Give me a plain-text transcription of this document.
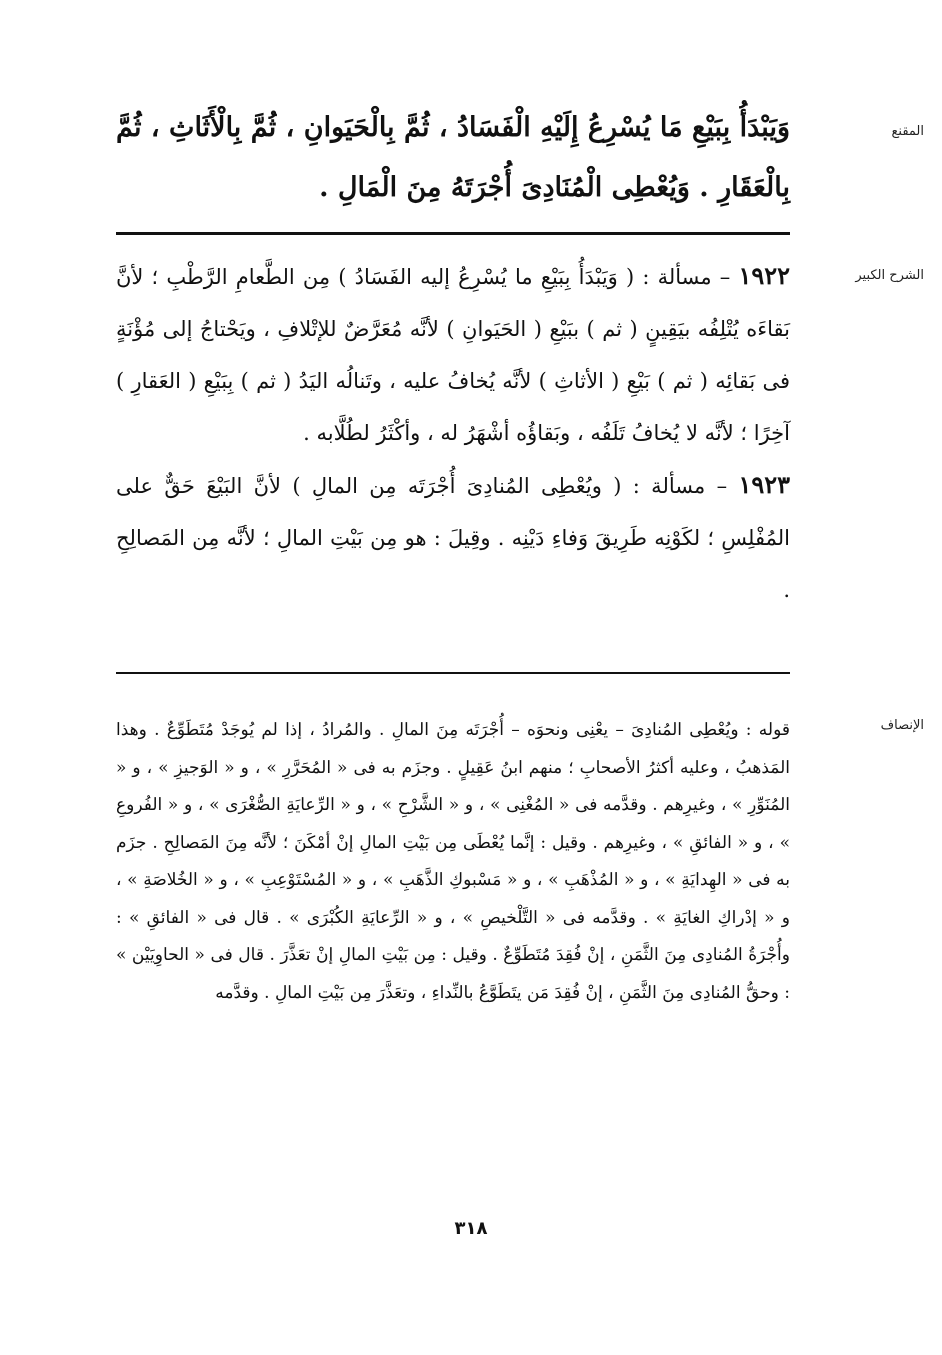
المقنع

وَيَبْدَأُ بِبَيْعِ مَا يُسْرِعُ إِلَيْهِ الْفَسَادُ ، ثُمَّ بِالْحَيَوانِ ، ثُمَّ بِالْأَثَاثِ ، ثُمَّ بِالْعَقَارِ . وَيُعْطِى الْمُنَادِىَ أُجْرَتَهُ مِنَ الْمَالِ .

الشرح الكبير

١٩٢٢ – مسألة : ( وَيَبْدَأُ بِبَيْعِ ما يُسْرِعُ إليه الفَسَادُ ) مِن الطَّعامِ الرَّطْبِ ؛ لأنَّ بَقاءَه يُتْلِفُه بيَقِينٍ ( ثم ) ببَيْعِ ( الحَيَوانِ ) لأنَّه مُعَرَّضٌ للإتْلافِ ، ويَحْتاجُ إلى مُؤْنَةٍ فى بَقائِه ( ثم ) بَيْعِ ( الأثاثِ ) لأنَّه يُخافُ عليه ، وتَنالُه اليَدُ ( ثم ) بِبَيْعِ ( العَقارِ ) آخِرًا ؛ لأنَّه لا يُخافُ تَلَفُه ، وبَقاؤُه أشْهَرُ له ، وأكْثَرُ لطُلَّابه .

١٩٢٣ – مسألة : ( ويُعْطِى المُنادِىَ أُجْرَتَه مِن المالِ ) لأنَّ البَيْعَ حَقٌّ على المُفْلِسِ ؛ لكَوْنِه طَرِيقَ وَفاءِ دَيْنِه . وقِيلَ : هو مِن بَيْتِ المالِ ؛ لأنَّه مِن المَصالِحِ .

الإنصاف

قوله : ويُعْطِى المُنادِىَ – يعْنِى ونحوَه – أُجْرَتَه مِنَ المالِ . والمُرادُ ، إذا لم يُوجَدْ مُتَطَوِّعٌ . وهذا المَذهبُ ، وعليه أكثرُ الأصحابِ ؛ منهم ابنُ عَقِيلٍ . وجزَم به فى « المُحَرَّرِ » ، و « الوَجيزِ » ، و « المُنَوِّرِ » ، وغيرِهم . وقدَّمه فى « المُغْنِى » ، و « الشَّرْحِ » ، و « الرِّعايَةِ الصُّغْرَى » ، و « الفُروعِ » ، و « الفائقِ » ، وغيرِهم . وقيل : إنَّما يُعْطَى مِن بَيْتِ المالِ إنْ أمْكَنَ ؛ لأنَّه مِنَ المَصالِحِ . جزَم به فى « الهِدايَةِ » ، و « المُذْهَبِ » ، و « مَسْبوكِ الذَّهَبِ » ، و « المُسْتَوْعِبِ » ، و « الخُلاصَةِ » ، و « إدْراكِ الغايَةِ » . وقدَّمه فى « التَّلْخيصِ » ، و « الرِّعايَةِ الكُبْرَى » . قال فى « الفائقِ » : وأُجْرَةُ المُنادِى مِنَ الثَّمَنِ ، إنْ فُقِدَ مُتَطَوِّعٌ . وقيل : مِن بَيْتِ المالِ إنْ تعَذَّرَ . قال فى « الحاوِيَيْن » : وحقُّ المُنادِى مِنَ الثَّمَنِ ، إنْ فُقِدَ مَن يتَطَوَّعُ بالنِّداءِ ، وتعَذَّرَ مِن بَيْتِ المالِ . وقدَّمه

٣١٨
